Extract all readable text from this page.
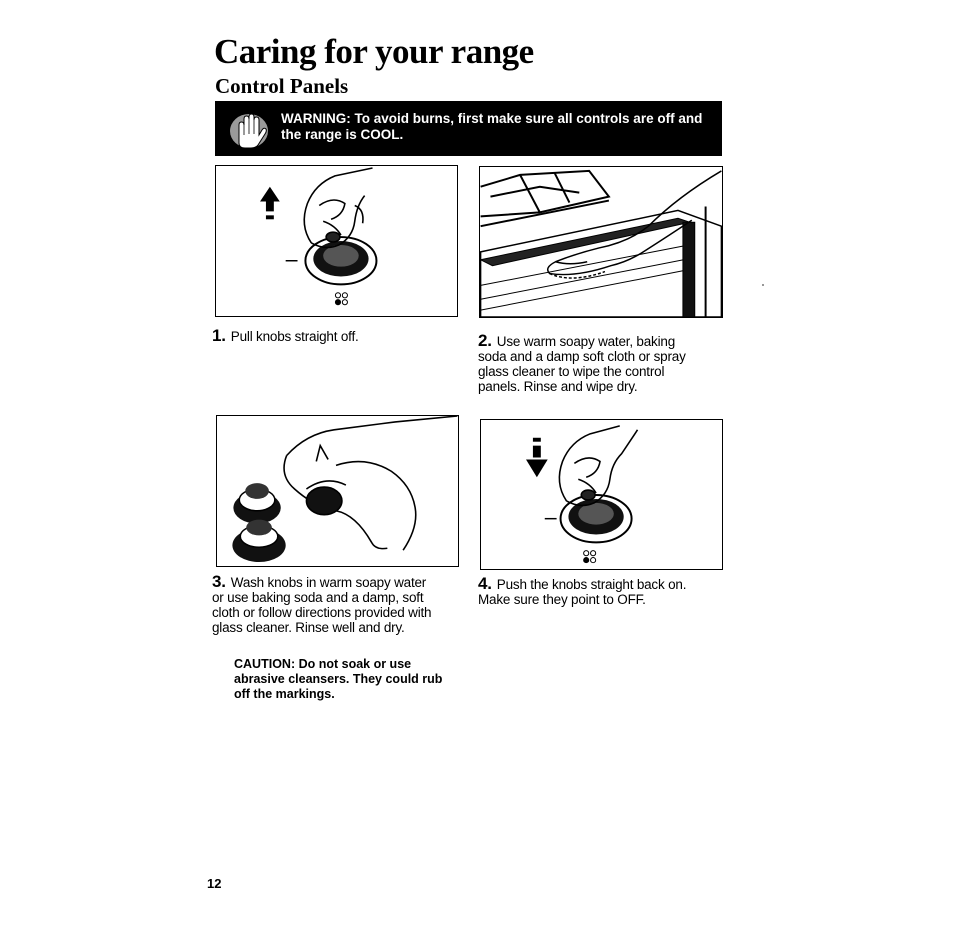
Caring for your range
Control Panels
WARNING: To avoid burns, first make sure all controls are off and the range is COOL.
1. Pull knobs straight off.	2. Use warm soapy water, baking soda and a damp soft cloth or spray glass cleaner to wipe the control panels. Rinse and wipe dry.
3. Wash knobs in warm soapy water or use baking soda and a damp, soft cloth or follow directions provided with glass cleaner. Rinse well and dry.
4. Push the knobs straight back on. Make sure they point to OFF.
CAUTION: Do not soak or use abrasive cleansers. They could rub off the markings.
12
